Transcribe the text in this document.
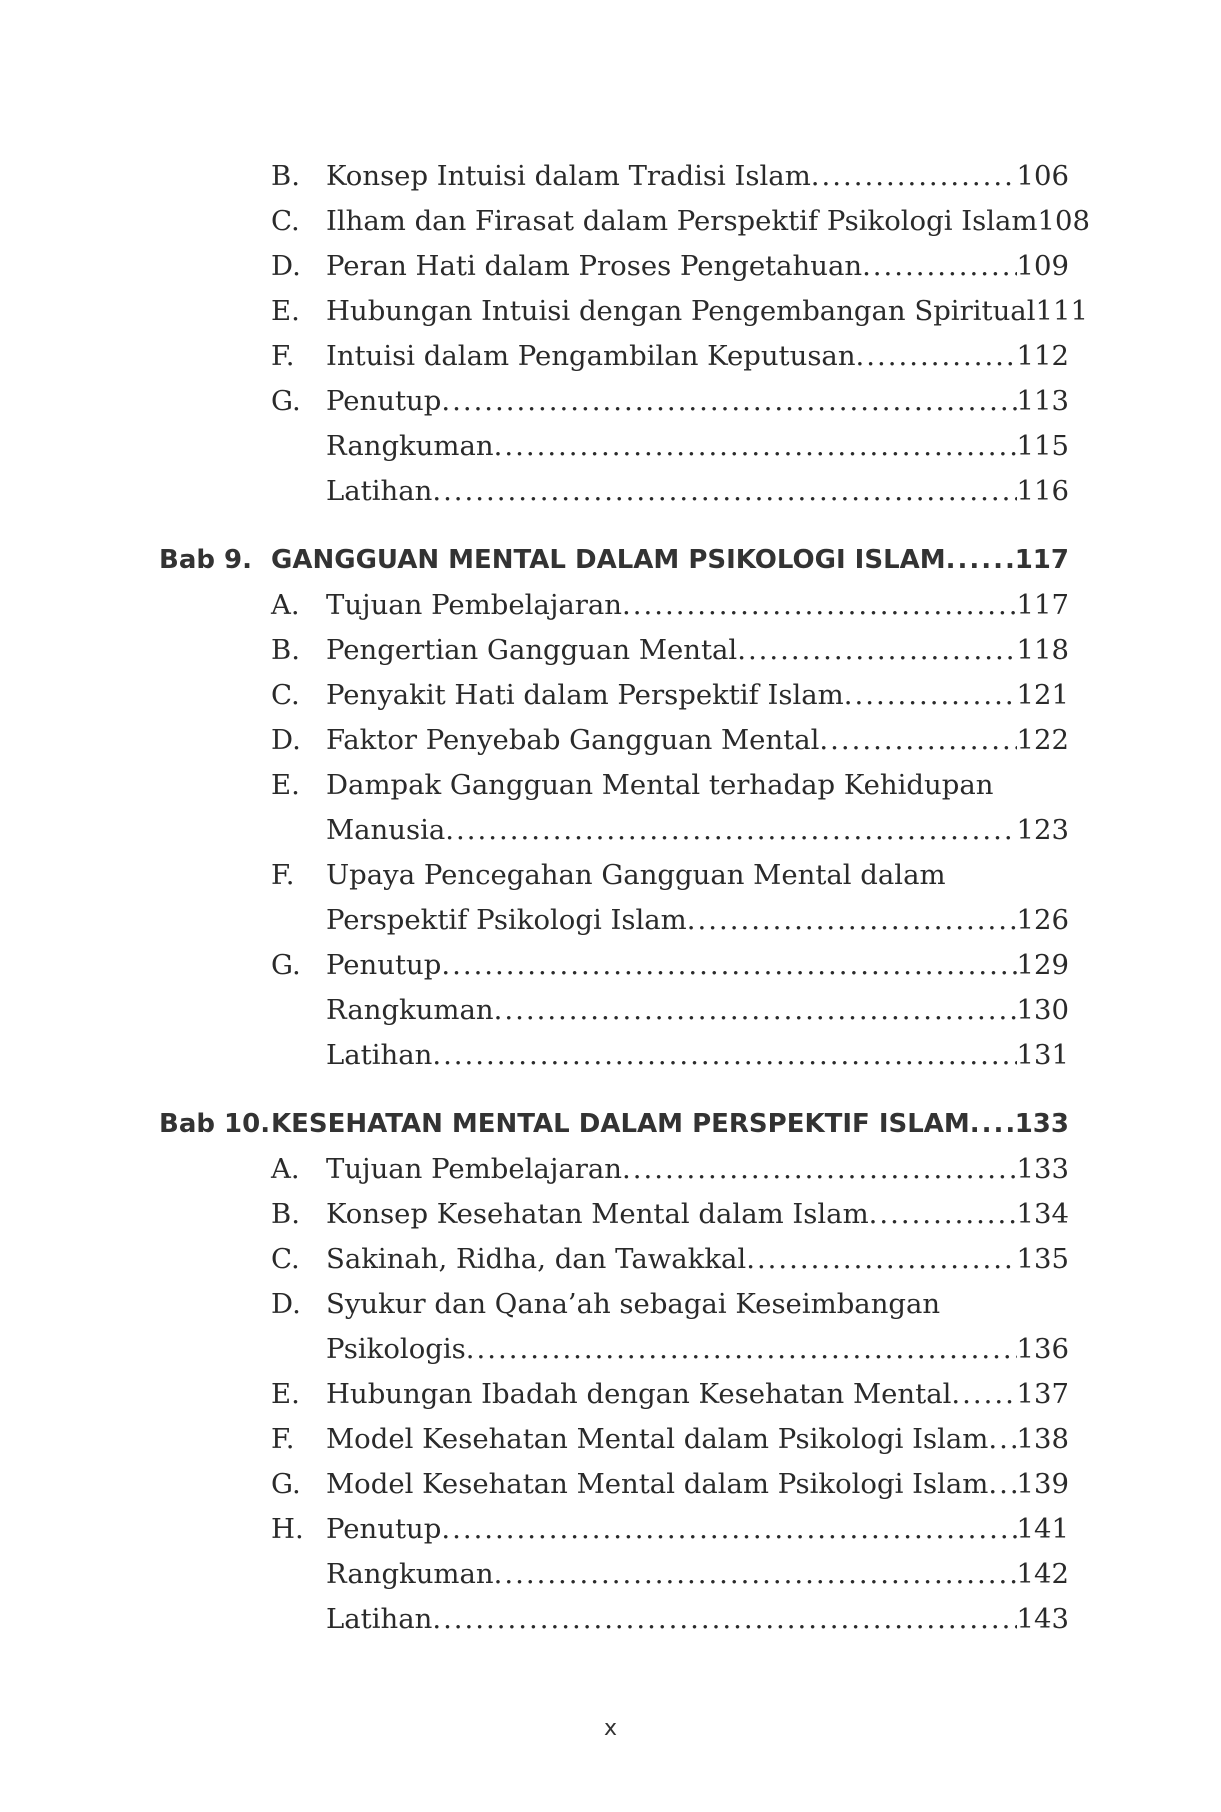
B. Konsep Intuisi dalam Tradisi Islam .....	106
C. Ilham dan Firasat dalam Perspektif Psikologi Islam 108
D. Peran Hati dalam Proses Pengetahuan .....	109
E. Hubungan Intuisi dengan Pengembangan Spiritual 111
F. Intuisi dalam Pengambilan Keputusan .....	112
G. Penutup .....	113
Rangkuman .....	115
Latihan .....	116
Bab 9. GANGGUAN MENTAL DALAM PSIKOLOGI ISLAM .....	117
A. Tujuan Pembelajaran .....	117
B. Pengertian Gangguan Mental .....	118
C. Penyakit Hati dalam Perspektif Islam .....	121
D. Faktor Penyebab Gangguan Mental .....	122
E. Dampak Gangguan Mental terhadap Kehidupan
Manusia .....	123
F. Upaya Pencegahan Gangguan Mental dalam
Perspektif Psikologi Islam .....	126
G. Penutup .....	129
Rangkuman .....	130
Latihan .....	131
Bab 10. KESEHATAN MENTAL DALAM PERSPEKTIF ISLAM ..... 133
A. Tujuan Pembelajaran .....	133
B. Konsep Kesehatan Mental dalam Islam .....	134
C. Sakinah, Ridha, dan Tawakkal .....	135
D. Syukur dan Qana’ah sebagai Keseimbangan
Psikologis .....	136
E. Hubungan Ibadah dengan Kesehatan Mental ..... 137
F. Model Kesehatan Mental dalam Psikologi Islam ..... 138
G. Model Kesehatan Mental dalam Psikologi Islam ..... 139
H. Penutup .....	141
Rangkuman .....	142
Latihan .....	143
x
